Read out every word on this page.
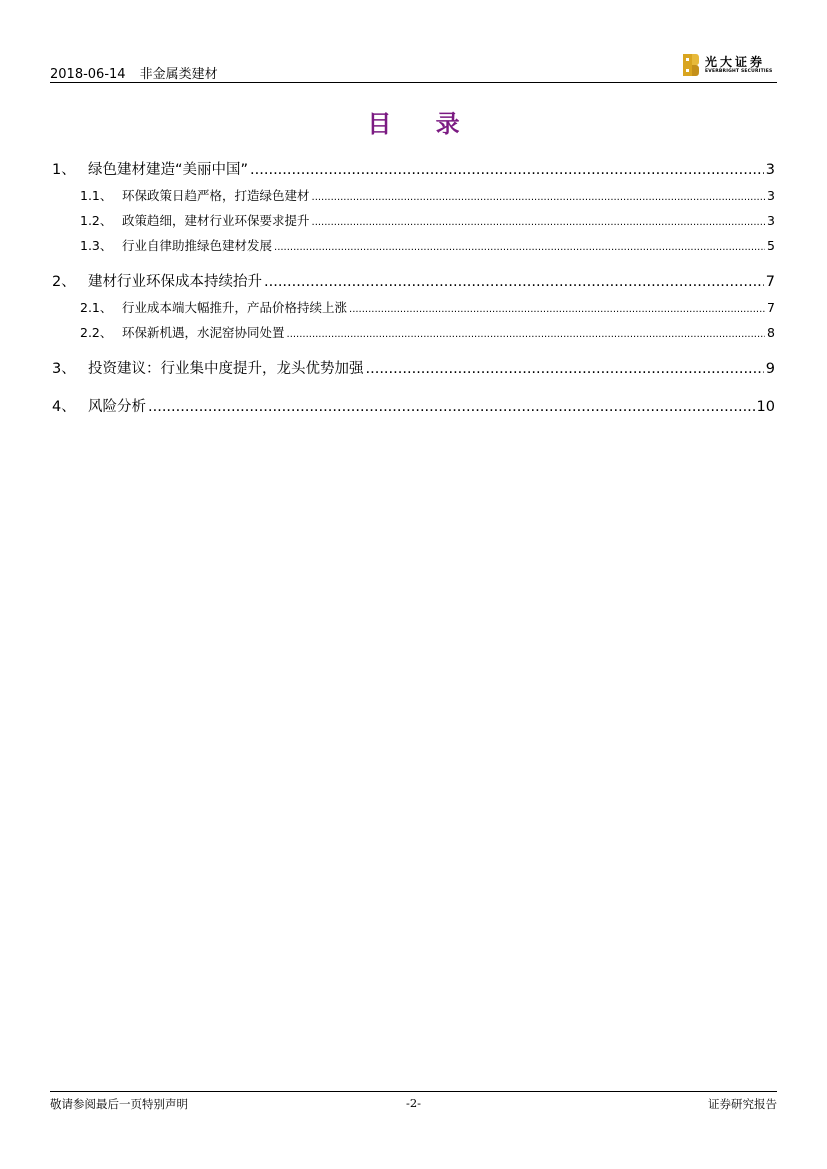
2018-06-14 非金属类建材
光大证券
EVERBRIGHT SECURITIES
目 录
1、 绿色建材建造“美丽中国” .....	3
1.1、 环保政策日趋严格，打造绿色建材 .....	3
1.2、 政策趋细，建材行业环保要求提升 .....	3
1.3、 行业自律助推绿色建材发展 .....	5
2、 建材行业环保成本持续抬升 .....	7
2.1、 行业成本端大幅推升，产品价格持续上涨 .....	7
2.2、 环保新机遇，水泥窑协同处置 .....	8
3、 投资建议：行业集中度提升，龙头优势加强 .....	9
4、 风险分析 .....	10
敬请参阅最后一页特别声明	-2-	证券研究报告
